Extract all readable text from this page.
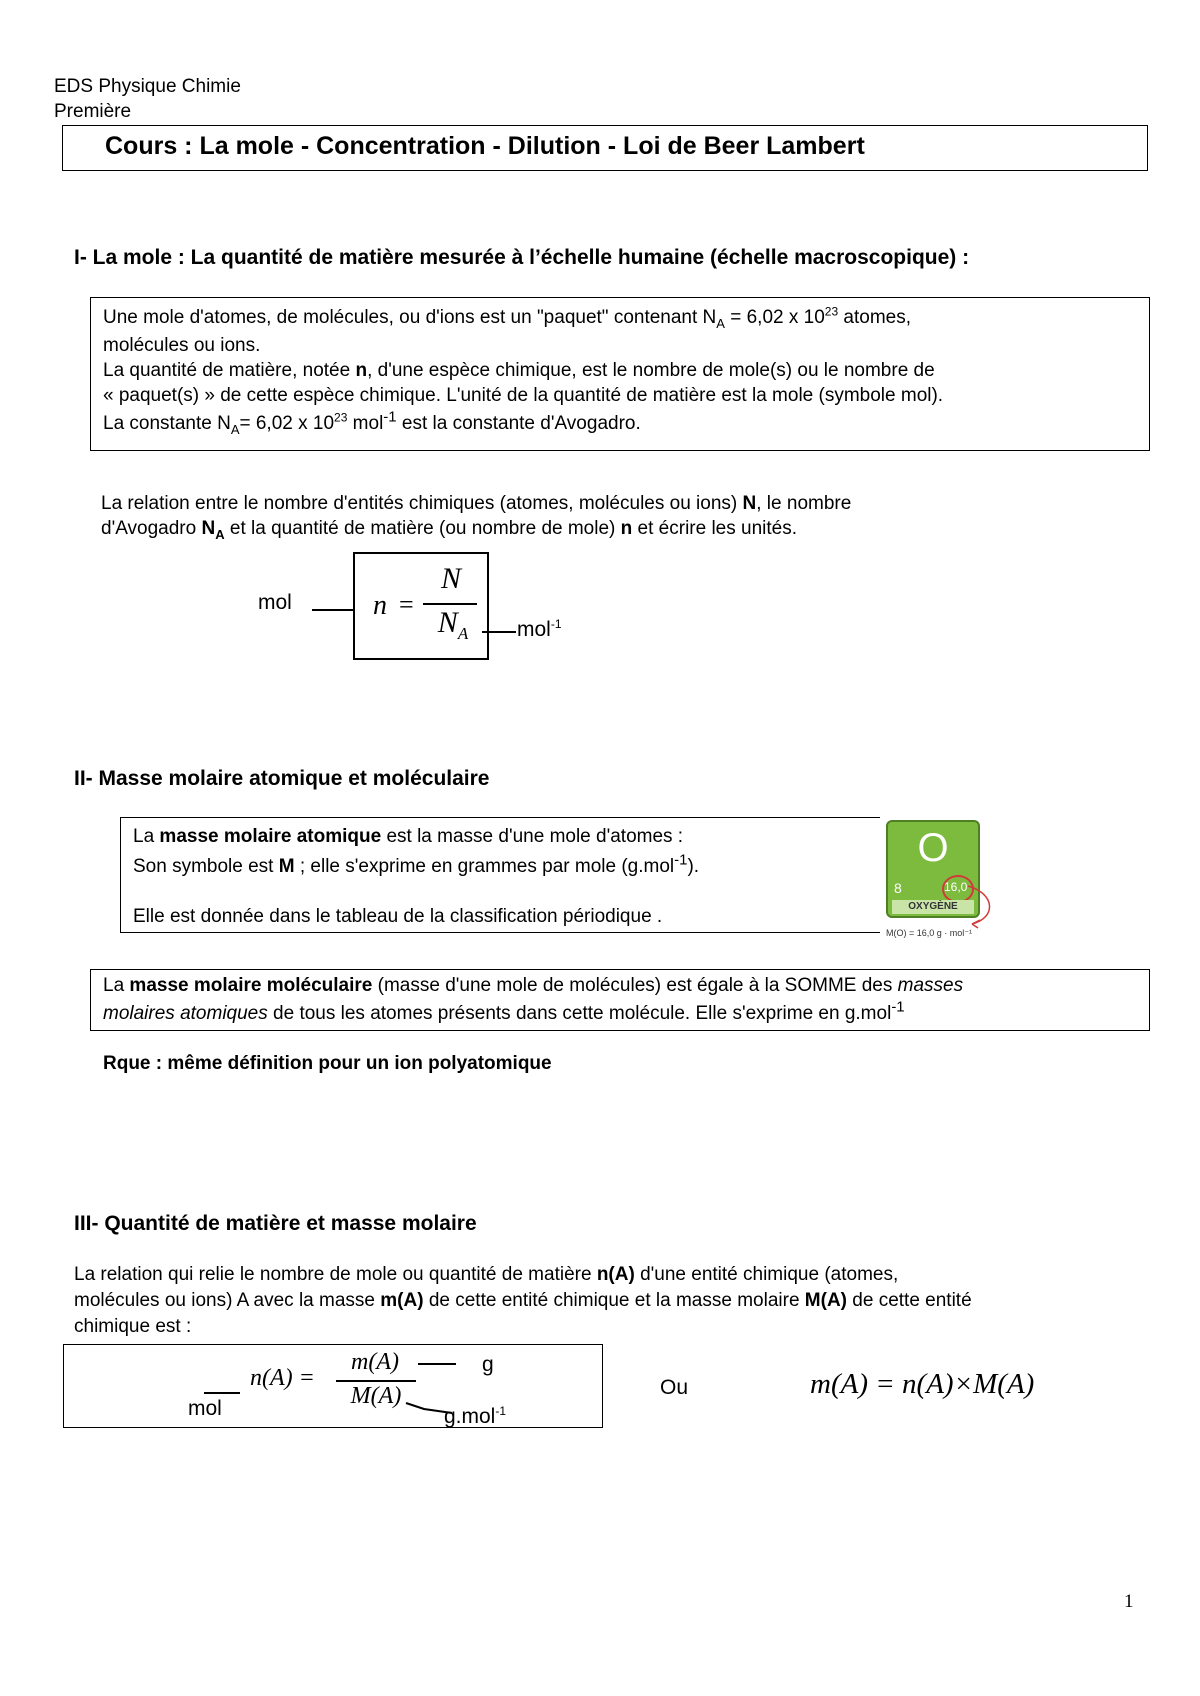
EDS Physique Chimie
Première
Cours : La mole - Concentration - Dilution - Loi de Beer Lambert
I- La mole : La quantité de matière mesurée à l’échelle humaine (échelle macroscopique) :
Une mole d'atomes, de molécules, ou d'ions est un "paquet" contenant $N_A = 6,02$ x $10^{23}$ atomes,
molécules ou ions.
La quantité de matière, notée n, d'une espèce chimique, est le nombre de mole(s) ou le nombre de
« paquet(s) » de cette espèce chimique. L'unité de la quantité de matière est la mole (symbole mol).
La constante $N_A= 6,02$ x $10^{23}$ mol$^{-1}$ est la constante d'Avogadro.
La relation entre le nombre d'entités chimiques (atomes, molécules ou ions) N, le nombre
d'Avogadro $N_A$ et la quantité de matière (ou nombre de mole) n et écrire les unités.
n =
N
$N_A$
mol
mol$^{-1}$
II- Masse molaire atomique et moléculaire
La masse molaire atomique est la masse d'une mole d'atomes :
Son symbole est M ; elle s'exprime en grammes par mole (g.mol$^{-1}$).
Elle est donnée dans le tableau de la classification périodique .
O
8	16,0
OXYGÈNE
M(O) = 16,0 g · mol⁻¹
La masse molaire moléculaire (masse d'une mole de molécules) est égale à la SOMME des masses
molaires atomiques de tous les atomes présents dans cette molécule. Elle s'exprime en g.mol$^{-1}$
Rque : même définition pour un ion polyatomique
III- Quantité de matière et masse molaire
La relation qui relie le nombre de mole ou quantité de matière n(A) d'une entité chimique (atomes,
molécules ou ions) A avec la masse m(A) de cette entité chimique et la masse molaire M(A) de cette entité
chimique est :
n(A) =
m(A)
M(A)
mol
g
g.mol$^{-1}$
Ou	m(A) = n(A)×M(A)
1
